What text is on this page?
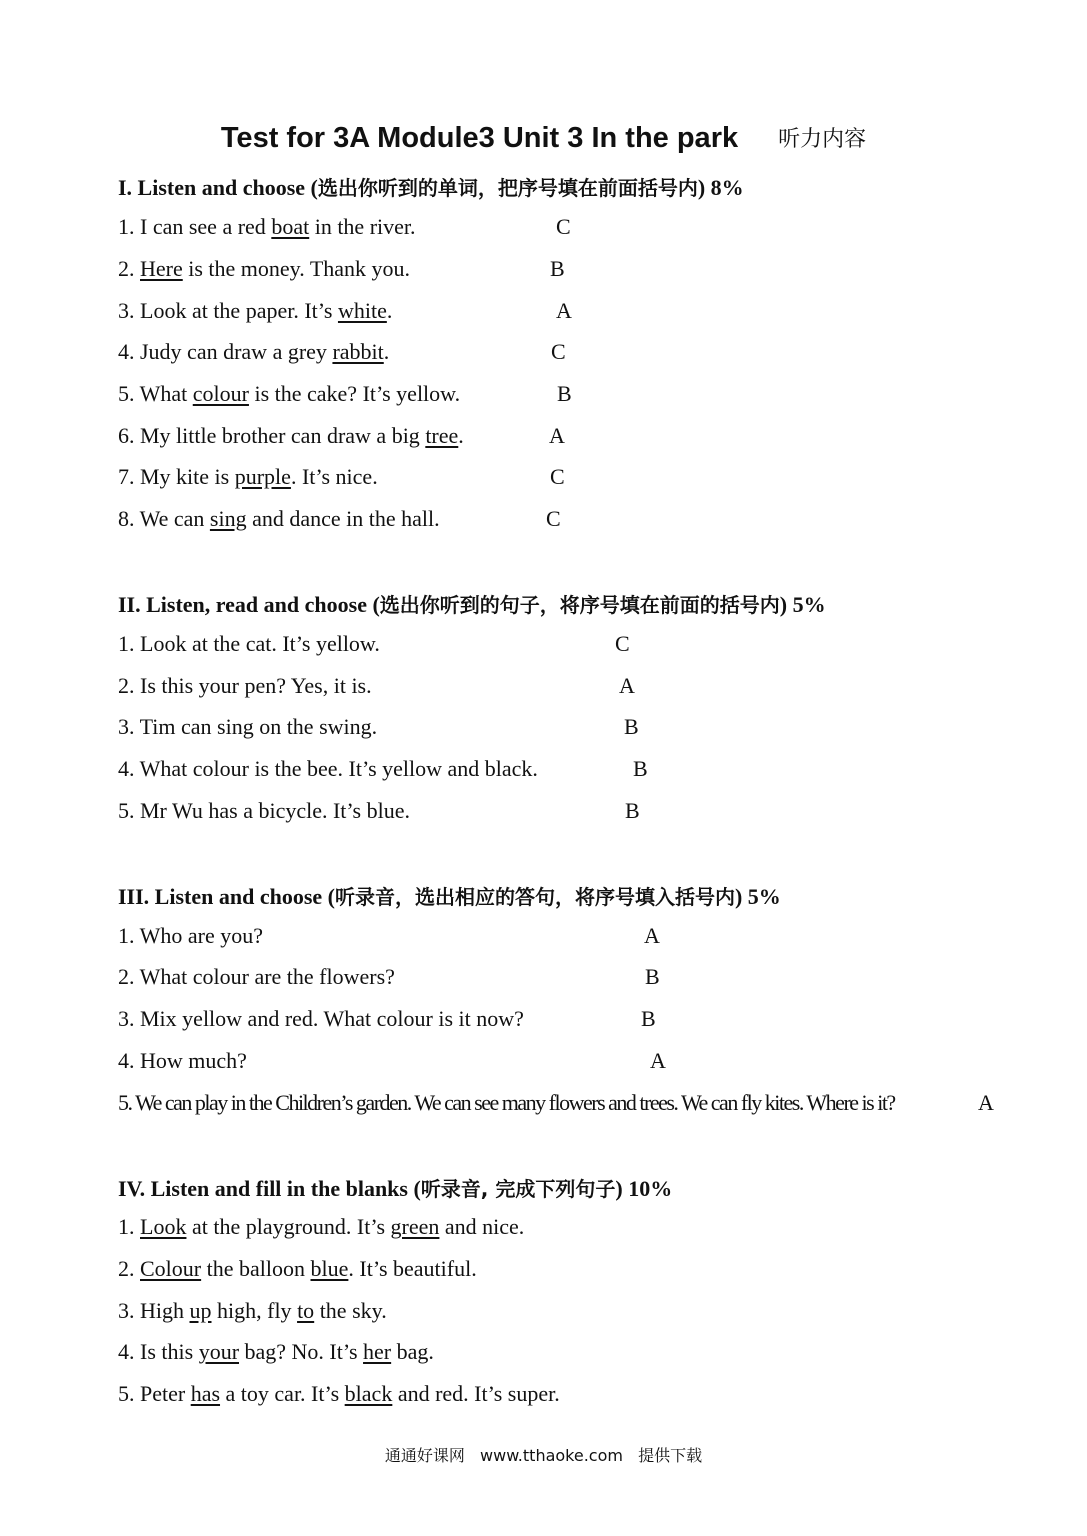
Test for 3A Module3 Unit 3 In the park 听力内容
I. Listen and choose (选出你听到的单词，把序号填在前面括号内) 8%
1. I can see a red boat in the river.	C
2. Here is the money. Thank you.	B
3. Look at the paper. It’s white.	A
4. Judy can draw a grey rabbit.	C
5. What colour is the cake? It’s yellow.	B
6. My little brother can draw a big tree.	A
7. My kite is purple. It’s nice.	C
8. We can sing and dance in the hall.	C
II. Listen, read and choose (选出你听到的句子，将序号填在前面的括号内) 5%
1. Look at the cat. It’s yellow.	C
2. Is this your pen? Yes, it is.	A
3. Tim can sing on the swing.	B
4. What colour is the bee. It’s yellow and black.	B
5. Mr Wu has a bicycle. It’s blue.	B
III. Listen and choose (听录音，选出相应的答句，将序号填入括号内) 5%
1. Who are you?	A
2. What colour are the flowers?	B
3. Mix yellow and red. What colour is it now?	B
4. How much?	A
5. We can play in the Children’s garden. We can see many flowers and trees. We can fly kites. Where is it?	A
IV. Listen and fill in the blanks (听录音, 完成下列句子) 10%
1. Look at the playground. It’s green and nice.
2. Colour the balloon blue. It’s beautiful.
3. High up high, fly to the sky.
4. Is this your bag? No. It’s her bag.
5. Peter has a toy car. It’s black and red. It’s super.
通通好课网 www.tthaoke.com 提供下载
